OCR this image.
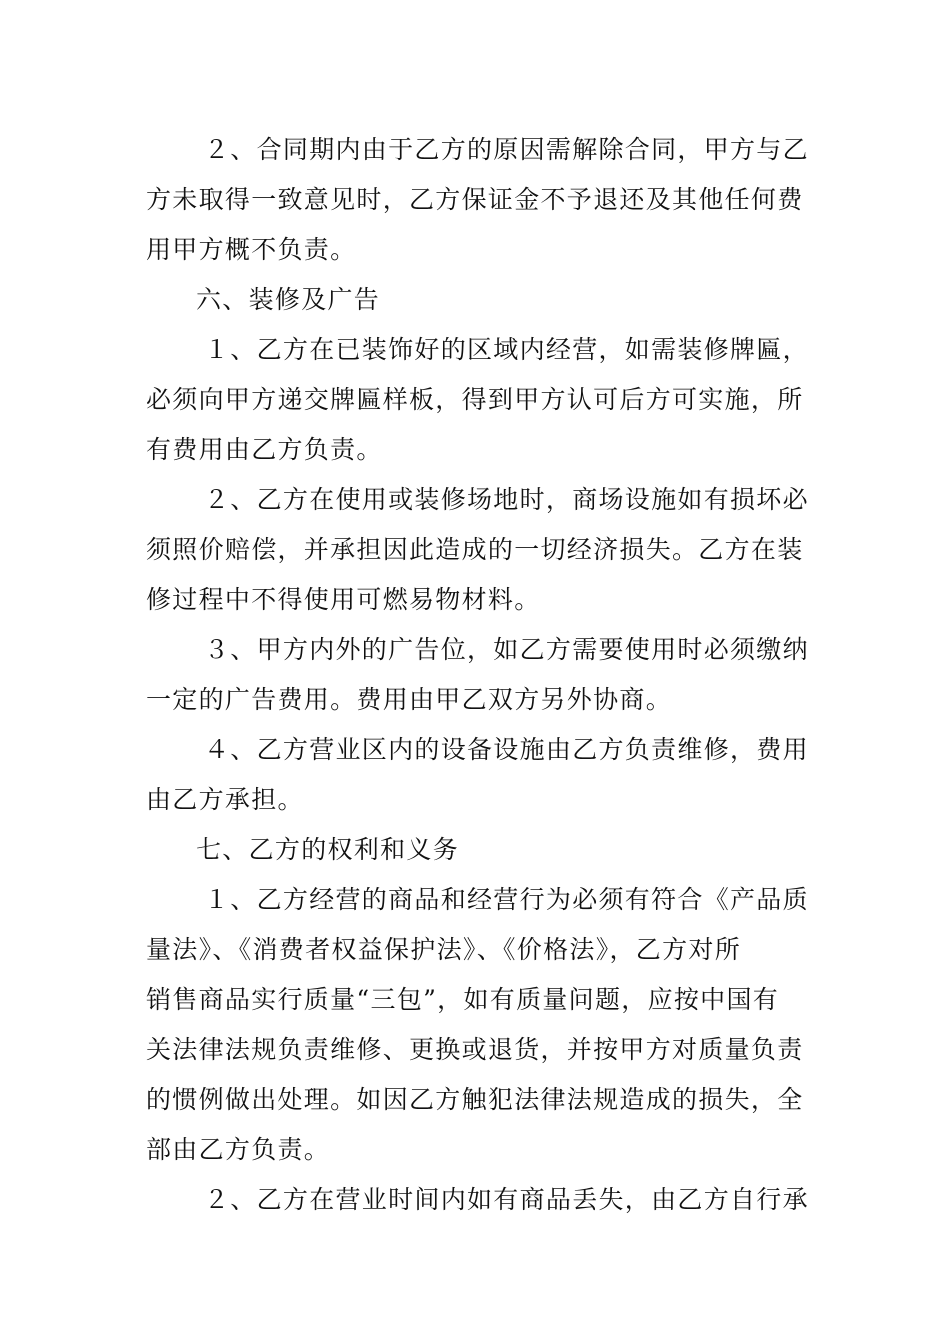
２、合同期内由于乙方的原因需解除合同，甲方与乙
方未取得一致意见时，乙方保证金不予退还及其他任何费
用甲方概不负责。

六、装修及广告

１、乙方在已装饰好的区域内经营，如需装修牌匾，
必须向甲方递交牌匾样板，得到甲方认可后方可实施，所
有费用由乙方负责。

２、乙方在使用或装修场地时，商场设施如有损坏必
须照价赔偿，并承担因此造成的一切经济损失。乙方在装
修过程中不得使用可燃易物材料。

３、甲方内外的广告位，如乙方需要使用时必须缴纳
一定的广告费用。费用由甲乙双方另外协商。

４、乙方营业区内的设备设施由乙方负责维修，费用
由乙方承担。

七、乙方的权利和义务

１、乙方经营的商品和经营行为必须有符合《产品质
量法》、《消费者权益保护法》、《价格法》，乙方对所
销售商品实行质量“三包”，如有质量问题，应按中国有
关法律法规负责维修、更换或退货，并按甲方对质量负责
的惯例做出处理。如因乙方触犯法律法规造成的损失，全
部由乙方负责。

２、乙方在营业时间内如有商品丢失，由乙方自行承
